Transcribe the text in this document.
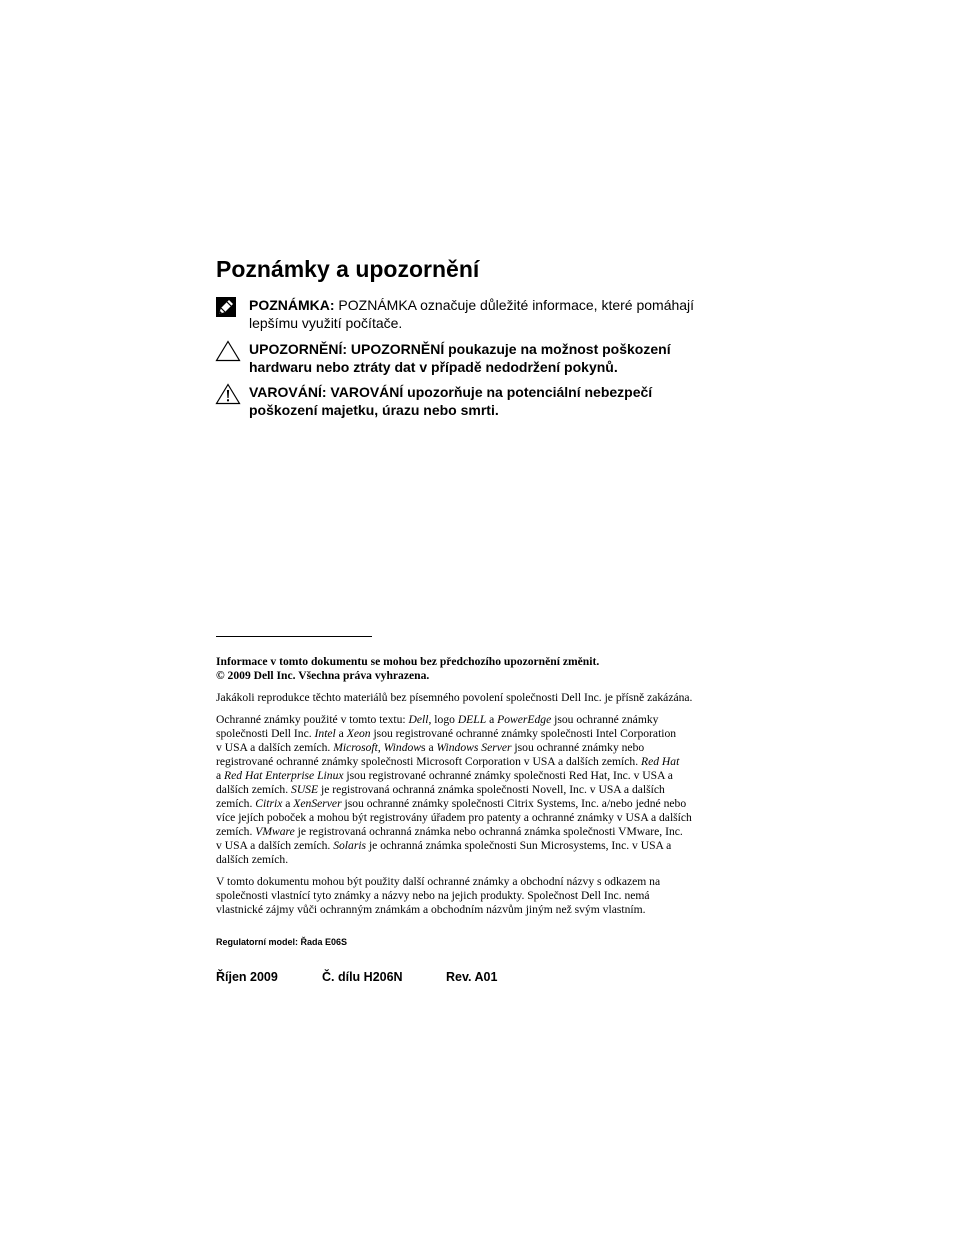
Poznámky a upozornění
POZNÁMKA: POZNÁMKA označuje důležité informace, které pomáhají
lepšímu využití počítače.
UPOZORNĚNÍ: UPOZORNĚNÍ poukazuje na možnost poškození
hardwaru nebo ztráty dat v případě nedodržení pokynů.
VAROVÁNÍ: VAROVÁNÍ upozorňuje na potenciální nebezpečí
poškození majetku, úrazu nebo smrti.
Informace v tomto dokumentu se mohou bez předchozího upozornění změnit.
© 2009 Dell Inc. Všechna práva vyhrazena.
Jakákoli reprodukce těchto materiálů bez písemného povolení společnosti Dell Inc. je přísně zakázána.
Ochranné známky použité v tomto textu: Dell, logo DELL a PowerEdge jsou ochranné známky
společnosti Dell Inc. Intel a Xeon jsou registrované ochranné známky společnosti Intel Corporation
v USA a dalších zemích. Microsoft, Windows a Windows Server jsou ochranné známky nebo
registrované ochranné známky společnosti Microsoft Corporation v USA a dalších zemích. Red Hat
a Red Hat Enterprise Linux jsou registrované ochranné známky společnosti Red Hat, Inc. v USA a
dalších zemích. SUSE je registrovaná ochranná známka společnosti Novell, Inc. v USA a dalších
zemích. Citrix a XenServer jsou ochranné známky společnosti Citrix Systems, Inc. a/nebo jedné nebo
více jejích poboček a mohou být registrovány úřadem pro patenty a ochranné známky v USA a dalších
zemích. VMware je registrovaná ochranná známka nebo ochranná známka společnosti VMware, Inc.
v USA a dalších zemích. Solaris je ochranná známka společnosti Sun Microsystems, Inc. v USA a
dalších zemích.
V tomto dokumentu mohou být použity další ochranné známky a obchodní názvy s odkazem na
společnosti vlastnící tyto známky a názvy nebo na jejich produkty. Společnost Dell Inc. nemá
vlastnické zájmy vůči ochranným známkám a obchodním názvům jiným než svým vlastním.
Regulatorní model: Řada E06S
Říjen 2009	Č. dílu H206N	Rev. A01
